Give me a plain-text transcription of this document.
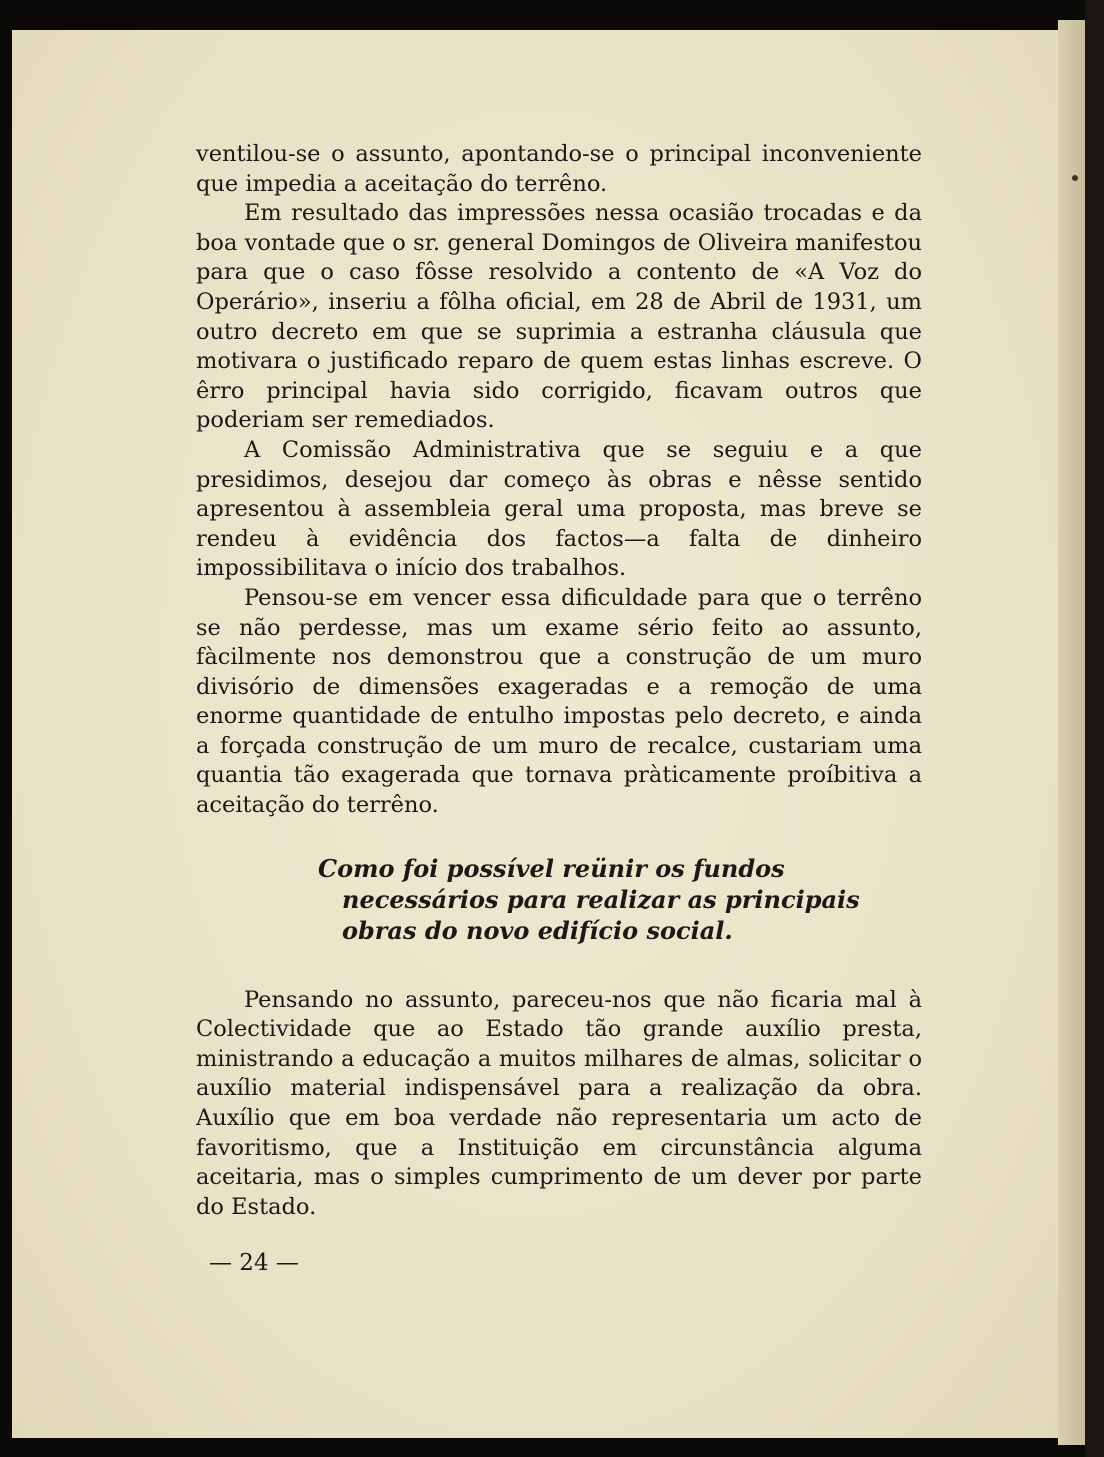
ventilou-se o assunto, apontando-se o principal inconveniente que impedia a aceitação do terrêno.

Em resultado das impressões nessa ocasião trocadas e da boa vontade que o sr. general Domingos de Oliveira manifestou para que o caso fôsse resolvido a contento de «A Voz do Operário», inseriu a fôlha oficial, em 28 de Abril de 1931, um outro decreto em que se suprimia a estranha cláusula que motivara o justificado reparo de quem estas linhas escreve. O êrro principal havia sido corrigido, ficavam outros que poderiam ser remediados.

A Comissão Administrativa que se seguiu e a que presidimos, desejou dar começo às obras e nêsse sentido apresentou à assembleia geral uma proposta, mas breve se rendeu à evidência dos factos—a falta de dinheiro impossibilitava o início dos trabalhos.

Pensou-se em vencer essa dificuldade para que o terrêno se não perdesse, mas um exame sério feito ao assunto, fàcilmente nos demonstrou que a construção de um muro divisório de dimensões exageradas e a remoção de uma enorme quantidade de entulho impostas pelo decreto, e ainda a forçada construção de um muro de recalce, custariam uma quantia tão exagerada que tornava pràticamente proíbitiva a aceitação do terrêno.

Como foi possível reünir os fundos necessários para realizar as principais obras do novo edifício social.

Pensando no assunto, pareceu-nos que não ficaria mal à Colectividade que ao Estado tão grande auxílio presta, ministrando a educação a muitos milhares de almas, solicitar o auxílio material indispensável para a realização da obra. Auxílio que em boa verdade não representaria um acto de favoritismo, que a Instituição em circunstância alguma aceitaria, mas o simples cumprimento de um dever por parte do Estado.

— 24 —
